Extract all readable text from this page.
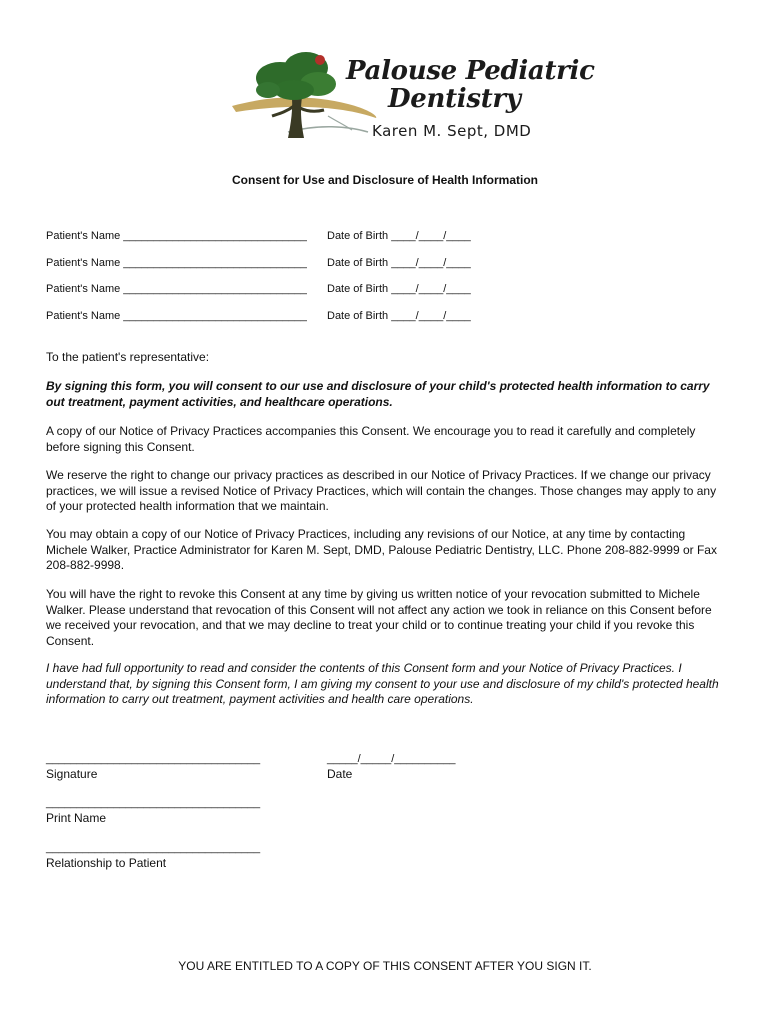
Palouse Pediatric
Dentistry
Karen M. Sept, DMD
Consent for Use and Disclosure of Health Information
Patient's Name ______________________________ Date of Birth ____/____/____
Patient's Name ______________________________ Date of Birth ____/____/____
Patient's Name ______________________________ Date of Birth ____/____/____
Patient's Name ______________________________ Date of Birth ____/____/____

To the patient's representative:

By signing this form, you will consent to our use and disclosure of your child's protected health information to carry out treatment, payment activities, and healthcare operations.

A copy of our Notice of Privacy Practices accompanies this Consent. We encourage you to read it carefully and completely before signing this Consent.

We reserve the right to change our privacy practices as described in our Notice of Privacy Practices. If we change our privacy practices, we will issue a revised Notice of Privacy Practices, which will contain the changes. Those changes may apply to any of your protected health information that we maintain.

You may obtain a copy of our Notice of Privacy Practices, including any revisions of our Notice, at any time by contacting Michele Walker, Practice Administrator for Karen M. Sept, DMD, Palouse Pediatric Dentistry, LLC. Phone 208-882-9999 or Fax 208-882-9998.

You will have the right to revoke this Consent at any time by giving us written notice of your revocation submitted to Michele Walker. Please understand that revocation of this Consent will not affect any action we took in reliance on this Consent before we received your revocation, and that we may decline to treat your child or to continue treating your child if you revoke this Consent.

I have had full opportunity to read and consider the contents of this Consent form and your Notice of Privacy Practices. I understand that, by signing this Consent form, I am giving my consent to your use and disclosure of my child's protected health information to carry out treatment, payment activities and health care operations.

___________________________________
Signature
_____/_____/__________
Date
___________________________________
Print Name
___________________________________
Relationship to Patient
YOU ARE ENTITLED TO A COPY OF THIS CONSENT AFTER YOU SIGN IT.
